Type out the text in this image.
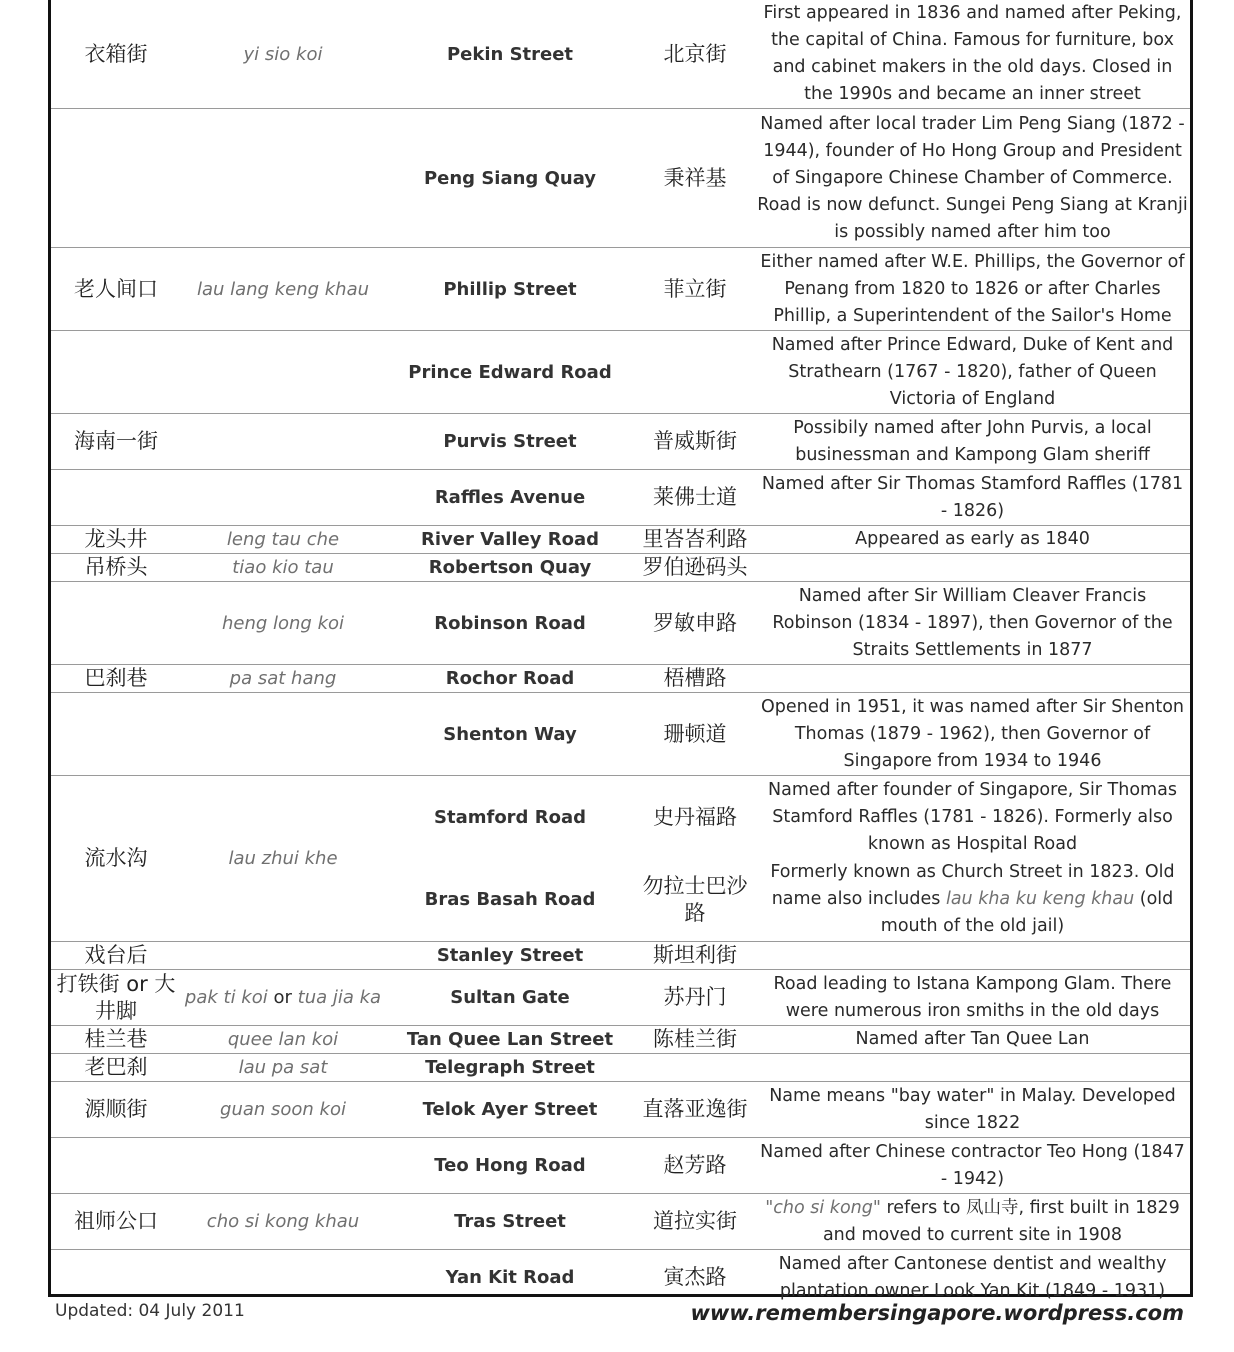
衣箱街	yi sio koi	Pekin Street	北京街	First appeared in 1836 and named after Peking, the capital of China. Famous for furniture, box and cabinet makers in the old days. Closed in the 1990s and became an inner street
		Peng Siang Quay	秉祥基	Named after local trader Lim Peng Siang (1872 - 1944), founder of Ho Hong Group and President of Singapore Chinese Chamber of Commerce. Road is now defunct. Sungei Peng Siang at Kranji is possibly named after him too
老人间口	lau lang keng khau	Phillip Street	菲立街	Either named after W.E. Phillips, the Governor of Penang from 1820 to 1826 or after Charles Phillip, a Superintendent of the Sailor's Home
		Prince Edward Road		Named after Prince Edward, Duke of Kent and Strathearn (1767 - 1820), father of Queen Victoria of England
海南一街		Purvis Street	普威斯街	Possibily named after John Purvis, a local businessman and Kampong Glam sheriff
		Raffles Avenue	莱佛士道	Named after Sir Thomas Stamford Raffles (1781 - 1826)
龙头井	leng tau che	River Valley Road	里峇峇利路	Appeared as early as 1840
吊桥头	tiao kio tau	Robertson Quay	罗伯逊码头	
	heng long koi	Robinson Road	罗敏申路	Named after Sir William Cleaver Francis Robinson (1834 - 1897), then Governor of the Straits Settlements in 1877
巴刹巷	pa sat hang	Rochor Road	梧槽路	
		Shenton Way	珊顿道	Opened in 1951, it was named after Sir Shenton Thomas (1879 - 1962), then Governor of Singapore from 1934 to 1946
流水沟	lau zhui khe	Stamford Road	史丹福路	Named after founder of Singapore, Sir Thomas Stamford Raffles (1781 - 1826). Formerly also known as Hospital Road
		Bras Basah Road	勿拉士巴沙路	Formerly known as Church Street in 1823. Old name also includes lau kha ku keng khau (old mouth of the old jail)
戏台后		Stanley Street	斯坦利街	
打铁街 or 大井脚	pak ti koi or tua jia ka	Sultan Gate	苏丹门	Road leading to Istana Kampong Glam. There were numerous iron smiths in the old days
桂兰巷	quee lan koi	Tan Quee Lan Street	陈桂兰街	Named after Tan Quee Lan
老巴刹	lau pa sat	Telegraph Street		
源顺街	guan soon koi	Telok Ayer Street	直落亚逸街	Name means "bay water" in Malay. Developed since 1822
		Teo Hong Road	赵芳路	Named after Chinese contractor Teo Hong (1847 - 1942)
祖师公口	cho si kong khau	Tras Street	道拉实街	"cho si kong" refers to 凤山寺, first built in 1829 and moved to current site in 1908
		Yan Kit Road	寅杰路	Named after Cantonese dentist and wealthy plantation owner Look Yan Kit (1849 - 1931)
Updated: 04 July 2011	www.remembersingapore.wordpress.com
